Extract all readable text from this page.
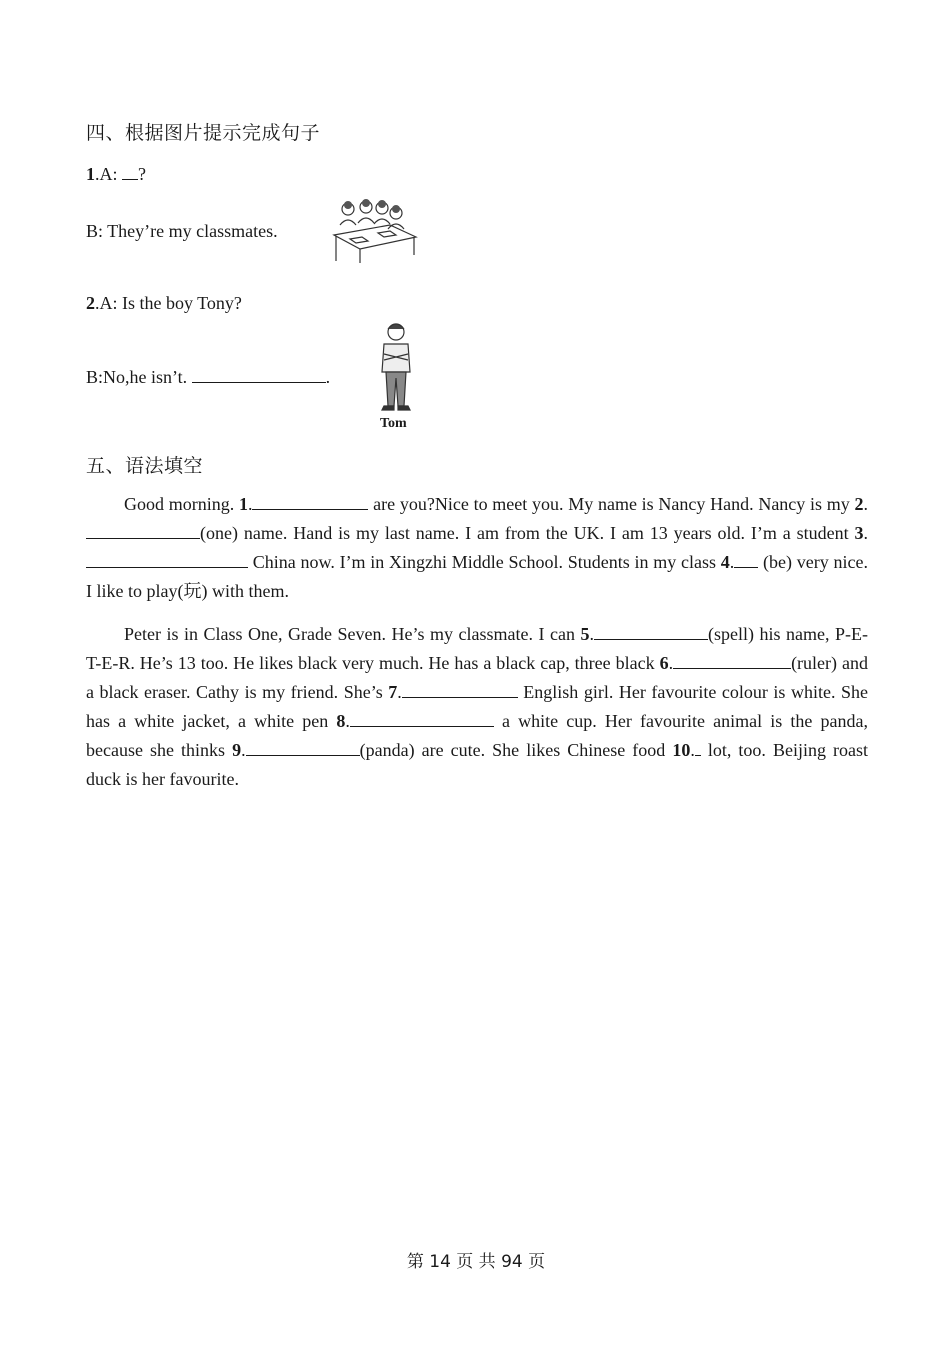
四、根据图片提示完成句子
1.A: ?
B: They’re my classmates.
2.A: Is the boy Tony?
B:No,he isn’t.	.
Tom
五、语法填空
Good morning. 1.	are you?Nice to meet you. My name is Nancy Hand. Nancy is my 2.(one) name. Hand is my last name. I am from the UK. I am 13 years old. I’m a student 3. China now. I’m in Xingzhi Middle School. Students in my class 4. (be) very nice. I like to play(玩) with them.
Peter is in Class One, Grade Seven. He’s my classmate. I can 5.	(spell) his name, P-E-T-E-R. He’s 13 too. He likes black very much. He has a black cap, three black 6.	(ruler) and a black eraser. Cathy is my friend. She’s 7.	English girl. Her favourite colour is white. She has a white jacket, a white pen 8.	a white cup. Her favourite animal is the panda, because she thinks 9.	(panda) are cute. She likes Chinese food 10. lot, too. Beijing roast duck is her favourite.
第 14 页 共 94 页
